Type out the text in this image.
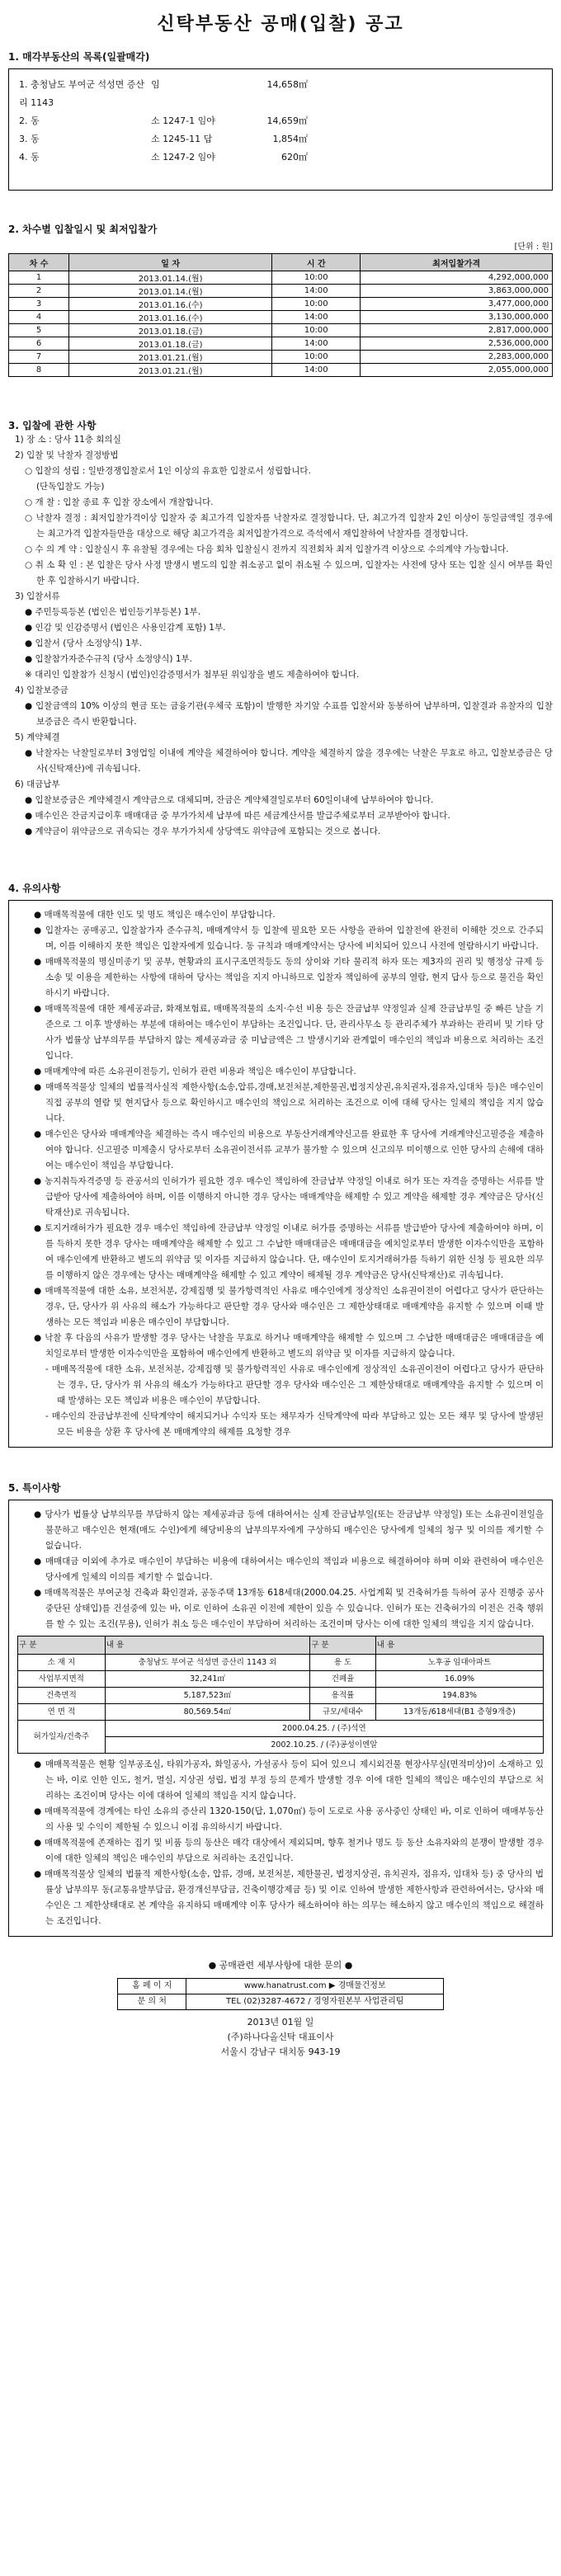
신탁부동산 공매(입찰) 공고
1. 매각부동산의 목록(일괄매각)
1. 충청남도 부여군 석성면 증산리 1143
임	14,658㎡
2. 동	소 1247-1 임야	14,659㎡
3. 동	소 1245-11 답	1,854㎡
4. 동	소 1247-2 임야	620㎡
2. 차수별 입찰일시 및 최저입찰가
[단위 : 원]
차 수	일 자	시 간	최저입찰가격
1	2013.01.14.(월)	10:00	4,292,000,000
2	2013.01.14.(월)	14:00	3,863,000,000
3	2013.01.16.(수)	10:00	3,477,000,000
4	2013.01.16.(수)	14:00	3,130,000,000
5	2013.01.18.(금)	10:00	2,817,000,000
6	2013.01.18.(금)	14:00	2,536,000,000
7	2013.01.21.(월)	10:00	2,283,000,000
8	2013.01.21.(월)	14:00	2,055,000,000
3. 입찰에 관한 사항
1) 장 소 : 당사 11층 회의실
2) 입찰 및 낙찰자 결정방법
○ 입찰의 성립 : 일반경쟁입찰로서 1인 이상의 유효한 입찰로서 성립합니다.
(단독입찰도 가능)
○ 개 찰 : 입찰 종료 후 입찰 장소에서 개찰합니다.
○ 낙찰자 결정 : 최저입찰가격이상 입찰자 중 최고가격 입찰자를 낙찰자로 결정합니다. 단, 최고가격 입찰자 2인 이상이 동일금액일 경우에는 최고가격 입찰자들만을 대상으로 해당 최고가격을 최저입찰가격으로 즉석에서 재입찰하여 낙찰자를 결정합니다.
○ 수 의 계 약 : 입찰실시 후 유찰될 경우에는 다음 회차 입찰실시 전까지 직전회차 최저 입찰가격 이상으로 수의계약 가능합니다.
○ 취 소 확 인 : 본 입찰은 당사 사정 발생시 별도의 입찰 취소공고 없이 취소될 수 있으며, 입찰자는 사전에 당사 또는 입찰 실시 여부를 확인한 후 입찰하시기 바랍니다.
3) 입찰서류
● 주민등록등본 (법인은 법인등기부등본) 1부.
● 인감 및 인감증명서 (법인은 사용인감계 포함) 1부.
● 입찰서 (당사 소정양식) 1부.
● 입찰참가자준수규칙 (당사 소정양식) 1부.
※ 대리인 입찰참가 신청시 (법인)인감증명서가 첨부된 위임장을 별도 제출하여야 합니다.
4) 입찰보증금
● 입찰금액의 10% 이상의 현금 또는 금융기관(우체국 포함)이 발행한 자기앞 수표를 입찰서와 동봉하여 납부하며, 입찰결과 유찰자의 입찰보증금은 즉시 반환합니다.
5) 계약체결
● 낙찰자는 낙찰일로부터 3영업일 이내에 계약을 체결하여야 합니다. 계약을 체결하지 않을 경우에는 낙찰은 무효로 하고, 입찰보증금은 당사(신탁재산)에 귀속됩니다.
6) 대금납부
● 입찰보증금은 계약체결시 계약금으로 대체되며, 잔금은 계약체결일로부터 60일이내에 납부하여야 합니다.
● 매수인은 잔금지급이후 매매대금 중 부가가치세 납부에 따른 세금계산서를 발급주체로부터 교부받아야 합니다.
● 계약금이 위약금으로 귀속되는 경우 부가가치세 상당액도 위약금에 포함되는 것으로 봅니다.
4. 유의사항
● 매매목적물에 대한 인도 및 명도 책임은 매수인이 부담합니다.
● 입찰자는 공매공고, 입찰참가자 준수규칙, 매매계약서 등 입찰에 필요한 모든 사항을 관하여 입찰전에 완전히 이해한 것으로 간주되며, 이를 이해하지 못한 책임은 입찰자에게 있습니다. 동 규칙과 매매계약서는 당사에 비치되어 있으니 사전에 열람하시기 바랍니다.
● 매매목적물의 명실미종기 및 공부, 현황과의 표시구조면적등도 동의 상이와 기타 물리적 하자 또는 제3자의 권리 및 행정상 규제 등 소송 및 이용을 제한하는 사항에 대하여 당사는 책임을 지지 아니하므로 입찰자 책임하에 공부의 열람, 현지 답사 등으로 물건을 확인하시기 바랍니다.
● 매매목적물에 대한 제세공과금, 화재보험료, 매매목적물의 소지·수선 비용 등은 잔금납부 약정일과 실제 잔금납부일 중 빠른 날을 기준으로 그 이후 발생하는 부분에 대하여는 매수인이 부담하는 조건입니다. 단, 관리사무소 등 관리주체가 부과하는 관리비 및 기타 당사가 법률상 납부의무를 부담하지 않는 제세공과금 중 미납금액은 그 발생시기와 관계없이 매수인의 책임과 비용으로 처리하는 조건입니다.
● 매매계약에 따른 소유권이전등기, 인허가 관련 비용과 책임은 매수인이 부담합니다.
● 매매목적물상 일체의 법률적사실적 제한사항(소송,압류,경매,보전처분,제한물권,법정지상권,유치권자,점유자,임대차 등)은 매수인이 직접 공부의 열람 및 현지답사 등으로 확인하시고 매수인의 책임으로 처리하는 조건으로 이에 대해 당사는 일체의 책임을 지지 않습니다.
● 매수인은 당사와 매매계약을 체결하는 즉시 매수인의 비용으로 부동산거래계약신고를 완료한 후 당사에 거래계약신고필증을 제출하여야 합니다. 신고필증 미제출시 당사로부터 소유권이전서류 교부가 불가할 수 있으며 신고의무 미이행으로 인한 당사의 손해에 대하여는 매수인이 책임을 부담합니다.
● 농지취득자격증명 등 관공서의 인허가가 필요한 경우 매수인 책임하에 잔금납부 약정일 이내로 허가 또는 자격을 증명하는 서류를 발급받아 당사에 제출하여야 하며, 이를 이행하지 아니한 경우 당사는 매매계약을 해제할 수 있고 계약을 해제할 경우 계약금은 당사(신탁재산)로 귀속됩니다.
● 토지거래허가가 필요한 경우 매수인 책임하에 잔금납부 약정일 이내로 허가를 증명하는 서류를 발급받아 당사에 제출하여야 하며, 이를 득하지 못한 경우 당사는 매매계약을 해제할 수 있고 그 수납한 매매대금은 매매대금을 예치일로부터 발생한 이자수익만을 포함하여 매수인에게 반환하고 별도의 위약금 및 이자를 지급하지 않습니다. 단, 매수인이 토지거래허가를 득하기 위한 신청 등 필요한 의무를 이행하지 않은 경우에는 당사는 매매계약을 해제할 수 있고 계약이 해제될 경우 계약금은 당사(신탁재산)로 귀속됩니다.
● 매매목적물에 대한 소유, 보전처분, 강제집행 및 불가항력적인 사유로 매수인에게 정상적인 소유권이전이 어렵다고 당사가 판단하는 경우, 단, 당사가 위 사유의 해소가 가능하다고 판단할 경우 당사와 매수인은 그 제한상태대로 매매계약을 유지할 수 있으며 이때 발생하는 모든 책임과 비용은 매수인이 부담합니다.
● 낙찰 후 다음의 사유가 발생할 경우 당사는 낙찰을 무효로 하거나 매매계약을 해제할 수 있으며 그 수납한 매매대금은 매매대금을 예치일로부터 발생한 이자수익만을 포함하여 매수인에게 반환하고 별도의 위약금 및 이자를 지급하지 않습니다.
- 매매목적물에 대한 소유, 보전처분, 강제집행 및 불가항력적인 사유로 매수인에게 정상적인 소유권이전이 어렵다고 당사가 판단하는 경우, 단, 당사가 위 사유의 해소가 가능하다고 판단할 경우 당사와 매수인은 그 제한상태대로 매매계약을 유지할 수 있으며 이때 발생하는 모든 책임과 비용은 매수인이 부담합니다.
- 매수인의 잔금납부전에 신탁계약이 해지되거나 수익자 또는 채무자가 신탁계약에 따라 부담하고 있는 모든 채무 및 당사에 발생된 모든 비용을 상환 후 당사에 본 매매계약의 해제를 요청할 경우
5. 특이사항
● 당사가 법률상 납부의무를 부담하지 않는 제세공과금 등에 대하여서는 실제 잔금납부일(또는 잔금납부 약정일) 또는 소유권이전일을 불문하고 매수인은 현재(매도 수인)에게 해당비용의 납부의무자에게 구상하되 매수인은 당사에게 일체의 청구 및 이의를 제기할 수 없습니다.
● 매매대금 이외에 추가로 매수인이 부담하는 비용에 대하여서는 매수인의 책임과 비용으로 해결하여야 하며 이와 관련하여 매수인은 당사에게 일체의 이의를 제기할 수 없습니다.
● 매매목적물은 부여군청 건축과 확인결과, 공동주택 13개동 618세대(2000.04.25. 사업계획 및 건축허가를 득하여 공사 진행중 공사중단된 상태입)를 건설중에 있는 바, 이로 인하여 소유권 이전에 제한이 있을 수 있습니다. 인허가 또는 건축허가의 이전은 건축 행위를 할 수 있는 조건(무용), 인허가 취소 등은 매수인이 부담하여 처리하는 조건이며 당사는 이에 대한 일체의 책임을 지지 않습니다.
구 분	내 용	구 분	내 용
소 재 지	충청남도 부여군 석성면 증산리 1143 외	용 도	노후공 임대아파트
사업부지면적	32,241㎡	건폐율	16.09%
건축면적	5,187,523㎡	용적률	194.83%
연 면 적	80,569.54㎡	규모/세대수	13개동/618세대(B1 층형9개층)
허가일자/건축주	2000.04.25. / (주)석연		
	2002.10.25. / (주)공성이엔알		
● 매매목적물은 현황 일부공조실, 타워가공자, 화일공사, 가설공사 등이 되어 있으니 제시외건물 현장사무실(면적미상)이 소재하고 있는 바, 이로 인한 인도, 철거, 멸실, 지상권 성립, 법정 부정 등의 문제가 발생할 경우 이에 대한 일체의 책임은 매수인의 부담으로 처리하는 조건이며 당사는 이에 대하여 일체의 책임을 지지 않습니다.
● 매매목적물에 경계에는 타인 소유의 증산리 1320-150(답, 1,070㎡) 등이 도로로 사용 공사중인 상태인 바, 이로 인하여 매매부동산의 사용 및 수익이 제한될 수 있으니 이점 유의하시기 바랍니다.
● 매매목적물에 존재하는 집기 및 비품 등의 동산은 매각 대상에서 제외되며, 향후 철거나 명도 등 동산 소유자와의 분쟁이 발생할 경우 이에 대한 일체의 책임은 매수인의 부담으로 처리하는 조건입니다.
● 매매목적물상 일체의 법률적 제한사항(소송, 압류, 경매, 보전처분, 제한물권, 법정지상권, 유치권자, 점유자, 임대차 등) 중 당사의 법률상 납부의무 동(교통유발부담금, 환경개선부담금, 건축이행강제금 등) 및 이로 인하여 발생한 제한사항과 관련하여서는, 당사와 매수인은 그 제한상태대로 본 계약을 유지하되 매매계약 이후 당사가 해소하여야 하는 의무는 해소하지 않고 매수인의 책임으로 해결하는 조건입니다.
● 공매관련 세부사항에 대한 문의 ●
홈 페 이 지	www.hanatrust.com ▶ 경매물건정보
문 의 처	TEL (02)3287-4672 / 경영자원본부 사업관리팀
2013년 01월 일
(주)하나다올신탁 대표이사
서울시 강남구 대치동 943-19
